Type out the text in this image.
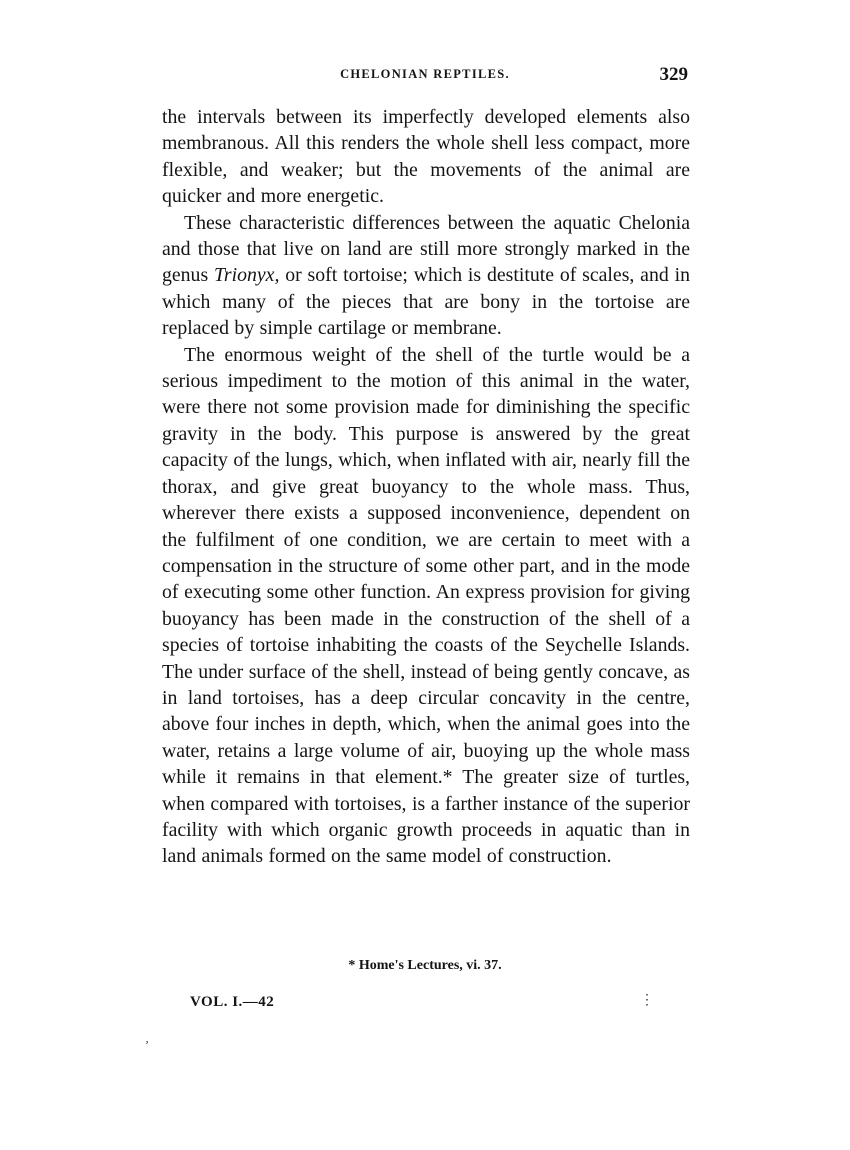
CHELONIAN REPTILES.	329

the intervals between its imperfectly developed elements also membranous. All this renders the whole shell less compact, more flexible, and weaker; but the movements of the animal are quicker and more energetic.

These characteristic differences between the aquatic Chelonia and those that live on land are still more strongly marked in the genus Trionyx, or soft tortoise; which is destitute of scales, and in which many of the pieces that are bony in the tortoise are replaced by simple cartilage or membrane.

The enormous weight of the shell of the turtle would be a serious impediment to the motion of this animal in the water, were there not some provision made for diminishing the specific gravity in the body. This purpose is answered by the great capacity of the lungs, which, when inflated with air, nearly fill the thorax, and give great buoyancy to the whole mass. Thus, wherever there exists a supposed inconvenience, dependent on the fulfilment of one condition, we are certain to meet with a compensation in the structure of some other part, and in the mode of executing some other function. An express provision for giving buoyancy has been made in the construction of the shell of a species of tortoise inhabiting the coasts of the Seychelle Islands. The under surface of the shell, instead of being gently concave, as in land tortoises, has a deep circular concavity in the centre, above four inches in depth, which, when the animal goes into the water, retains a large volume of air, buoying up the whole mass while it remains in that element.* The greater size of turtles, when compared with tortoises, is a farther instance of the superior facility with which organic growth proceeds in aquatic than in land animals formed on the same model of construction.

* Home's Lectures, vi. 37.
VOL. I.—42	⋮
ʼ
